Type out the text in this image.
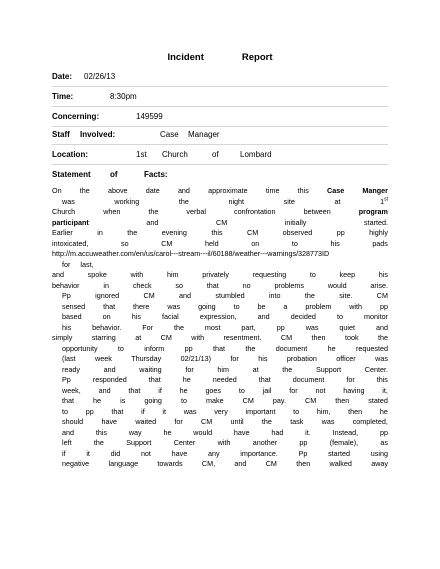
Incident	Report
Date: 02/26/13
Time:	8:30pm
Concerning:	149599
Staff Involved:	Case Manager
Location:	1st Church	of	Lombard
Statement of	Facts:
On	the	above	date	and	approximate	time	this	Case	Manger
was	working	the	night	site	at	1st
Church	when	the	verbal	confrontation	between	program
participant	and	CM	initially	started.
Earlier	in	the	evening	this	CM	observed	pp	highly
intoxicated,	so	CM	held	on	to	his	pads
http://m.accuweather.com/en/us/carol---stream---il/60188/weather---warnings/328773ID
for last,
and	spoke	with	him	privately	requesting	to	keep	his
behavior	in	check	so	that	no	problems	would	arise.
Pp	ignored	CM	and	stumbled	into	the	site.	CM
sensed that there was going to be a problem with pp
based	on	his	facial	expression,	and	decided	to	monitor
his	behavior.	For	the	most	part,	pp	was	quiet	and
simply	starring	at	CM	with	resentment.	CM	then	took	the
opportunity	to	inform	pp	that	the	document	he	requested
(last	week	Thursday	02/21/13)	for	his	probation	officer	was
ready	and	waiting	for	him	at	the	Support	Center.
Pp	responded	that	he	needed	that	document	for	this
week, and that if he goes to jail for not having it,
that	he	is	going	to	make	CM	pay.	CM	then	stated
to pp that if it was very important to him, then he
should	have	waited	for	CM	until	the	task	was	completed,
and	this	way	he	would	have	had	it.	Instead,	pp
left	the	Support	Center	with	another	pp	(female),	as
if	it	did	not	have	any	importance.	Pp	started	using
negative	language	towards	CM,	and	CM	then	walked	away
